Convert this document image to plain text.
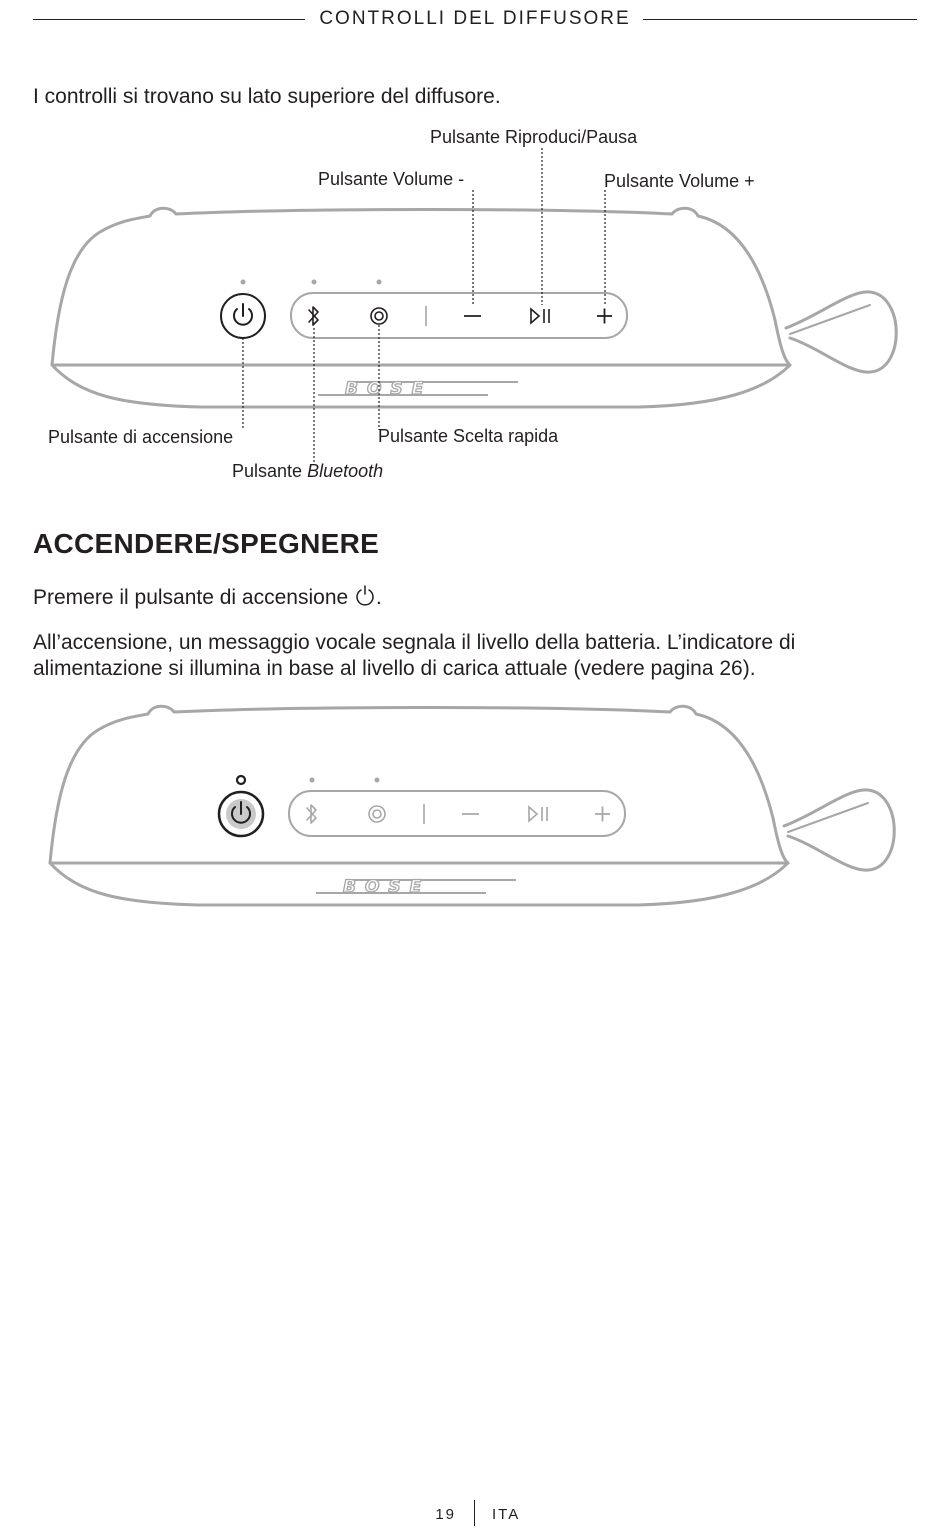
CONTROLLI DEL DIFFUSORE
I controlli si trovano su lato superiore del diffusore.
BOSE
Pulsante Riproduci/Pausa
Pulsante Volume -	Pulsante Volume +
Pulsante di accensione	Pulsante Scelta rapida
Pulsante Bluetooth
ACCENDERE/SPEGNERE
Premere il pulsante di accensione .
All’accensione, un messaggio vocale segnala il livello della batteria. L’indicatore di alimentazione si illumina in base al livello di carica attuale (vedere pagina 26).
BOSE
19 ITA
